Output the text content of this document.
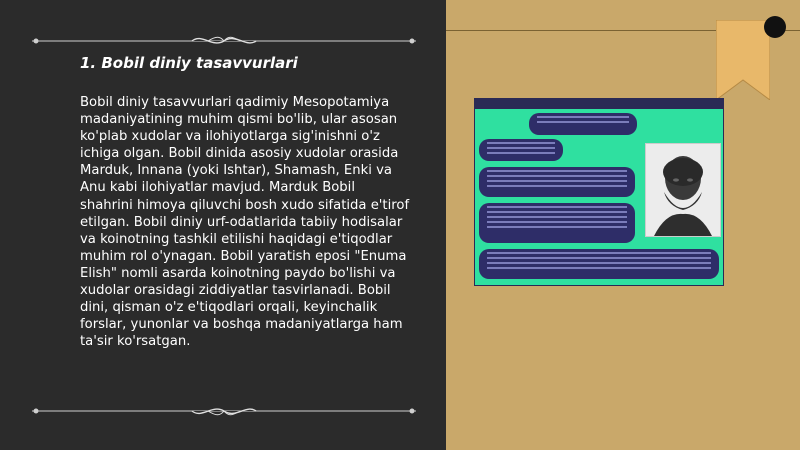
1. Bobil diniy tasavvurlari
Bobil diniy tasavvurlari qadimiy Mesopotamiya madaniyatining muhim qismi bo'lib, ular asosan ko'plab xudolar va ilohiyotlarga sig'inishni o'z ichiga olgan. Bobil dinida asosiy xudolar orasida Marduk, Innana (yoki Ishtar), Shamash, Enki va Anu kabi ilohiyatlar mavjud. Marduk Bobil shahrini himoya qiluvchi bosh xudo sifatida e'tirof etilgan. Bobil diniy urf-odatlarida tabiiy hodisalar va koinotning tashkil etilishi haqidagi e'tiqodlar muhim rol o'ynagan. Bobil yaratish eposi "Enuma Elish" nomli asarda koinotning paydo bo'lishi va xudolar orasidagi ziddiyatlar tasvirlanadi. Bobil dini, qisman o'z e'tiqodlari orqali, keyinchalik forslar, yunonlar va boshqa madaniyatlarga ham ta'sir ko'rsatgan.
